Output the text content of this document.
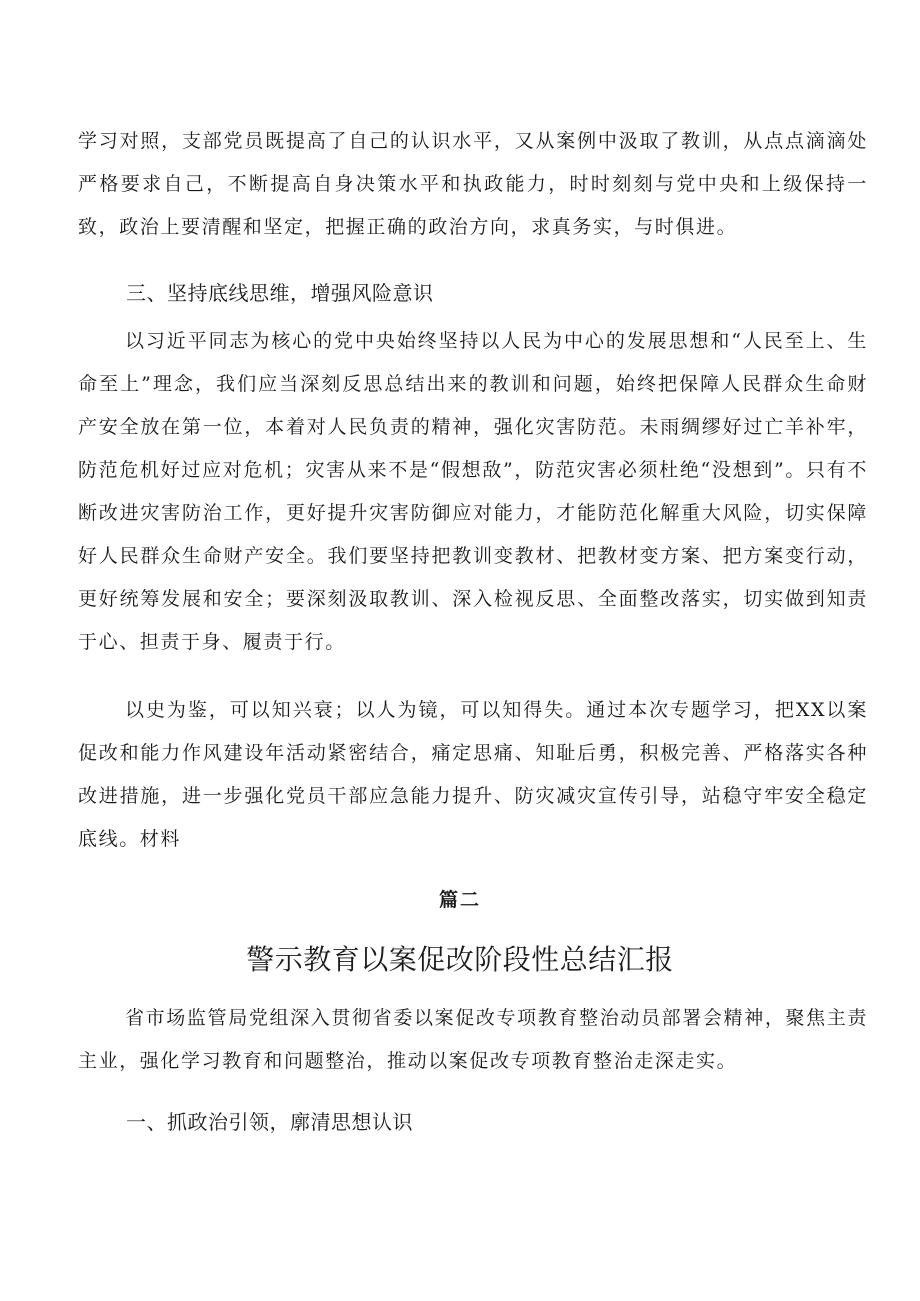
学习对照，支部党员既提高了自己的认识水平，又从案例中汲取了教训，从点点滴滴处严格要求自己，不断提高自身决策水平和执政能力，时时刻刻与党中央和上级保持一致，政治上要清醒和坚定，把握正确的政治方向，求真务实，与时俱进。

三、坚持底线思维，增强风险意识

以习近平同志为核心的党中央始终坚持以人民为中心的发展思想和“人民至上、生命至上”理念，我们应当深刻反思总结出来的教训和问题，始终把保障人民群众生命财产安全放在第一位，本着对人民负责的精神，强化灾害防范。未雨绸缪好过亡羊补牢，防范危机好过应对危机；灾害从来不是“假想敌”，防范灾害必须杜绝“没想到”。只有不断改进灾害防治工作，更好提升灾害防御应对能力，才能防范化解重大风险，切实保障好人民群众生命财产安全。我们要坚持把教训变教材、把教材变方案、把方案变行动，更好统筹发展和安全；要深刻汲取教训、深入检视反思、全面整改落实，切实做到知责于心、担责于身、履责于行。

以史为鉴，可以知兴衰；以人为镜，可以知得失。通过本次专题学习，把XX以案促改和能力作风建设年活动紧密结合，痛定思痛、知耻后勇，积极完善、严格落实各种改进措施，进一步强化党员干部应急能力提升、防灾减灾宣传引导，站稳守牢安全稳定底线。材料

篇二
警示教育以案促改阶段性总结汇报

省市场监管局党组深入贯彻省委以案促改专项教育整治动员部署会精神，聚焦主责主业，强化学习教育和问题整治，推动以案促改专项教育整治走深走实。

一、抓政治引领，廓清思想认识
